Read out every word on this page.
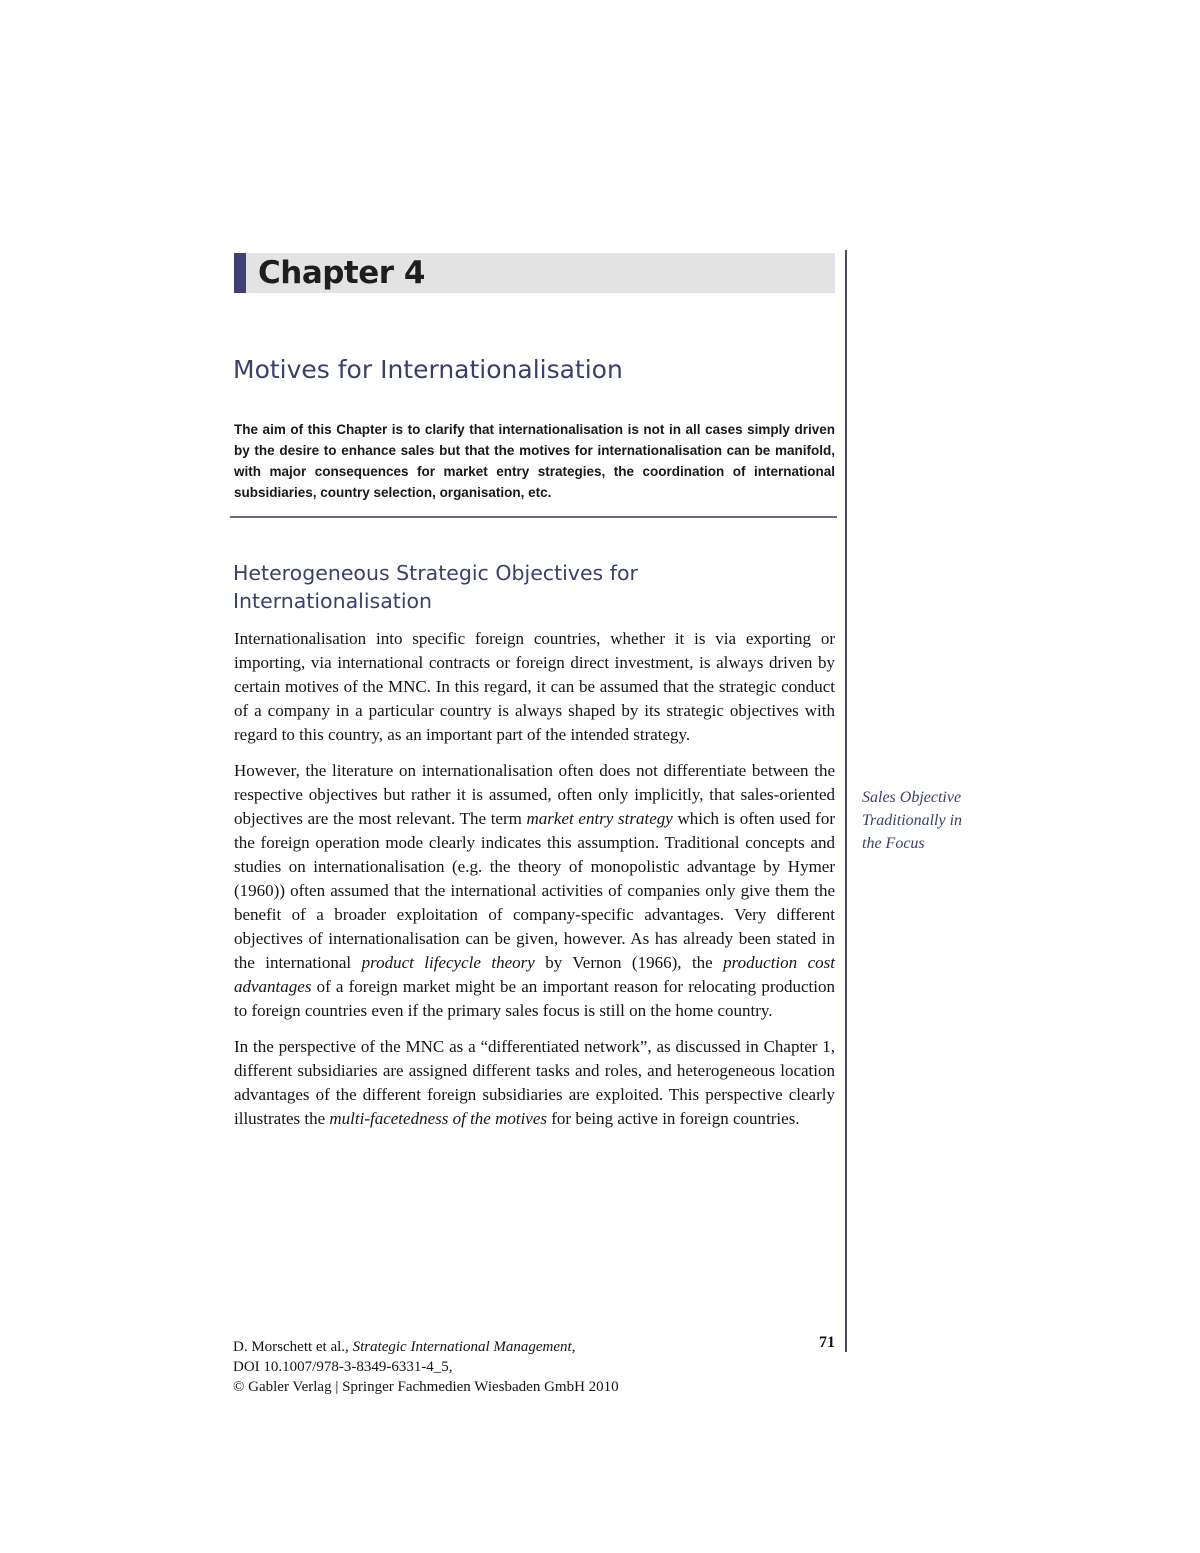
Chapter 4
Motives for Internationalisation

The aim of this Chapter is to clarify that internationalisation is not in all cases simply driven by the desire to enhance sales but that the motives for internationalisation can be manifold, with major consequences for market entry strategies, the coordination of international subsidiaries, country selection, organisation, etc.

Heterogeneous Strategic Objectives for Internationalisation

Internationalisation into specific foreign countries, whether it is via exporting or importing, via international contracts or foreign direct investment, is always driven by certain motives of the MNC. In this regard, it can be assumed that the strategic conduct of a company in a particular country is always shaped by its strategic objectives with regard to this country, as an important part of the intended strategy.

However, the literature on internationalisation often does not differentiate between the respective objectives but rather it is assumed, often only implicitly, that sales-oriented objectives are the most relevant. The term market entry strategy which is often used for the foreign operation mode clearly indicates this assumption. Traditional concepts and studies on internationalisation (e.g. the theory of monopolistic advantage by Hymer (1960)) often assumed that the international activities of companies only give them the benefit of a broader exploitation of company-specific advantages. Very different objectives of internationalisation can be given, however. As has already been stated in the international product lifecycle theory by Vernon (1966), the production cost advantages of a foreign market might be an important reason for relocating production to foreign countries even if the primary sales focus is still on the home country.

In the perspective of the MNC as a “differentiated network”, as discussed in Chapter 1, different subsidiaries are assigned different tasks and roles, and heterogeneous location advantages of the different foreign subsidiaries are exploited. This perspective clearly illustrates the multi-facetedness of the motives for being active in foreign countries.

Sales Objective
Traditionally in
the Focus
D. Morschett et al., Strategic International Management,
DOI 10.1007/978-3-8349-6331-4_5,
© Gabler Verlag | Springer Fachmedien Wiesbaden GmbH 2010
71
